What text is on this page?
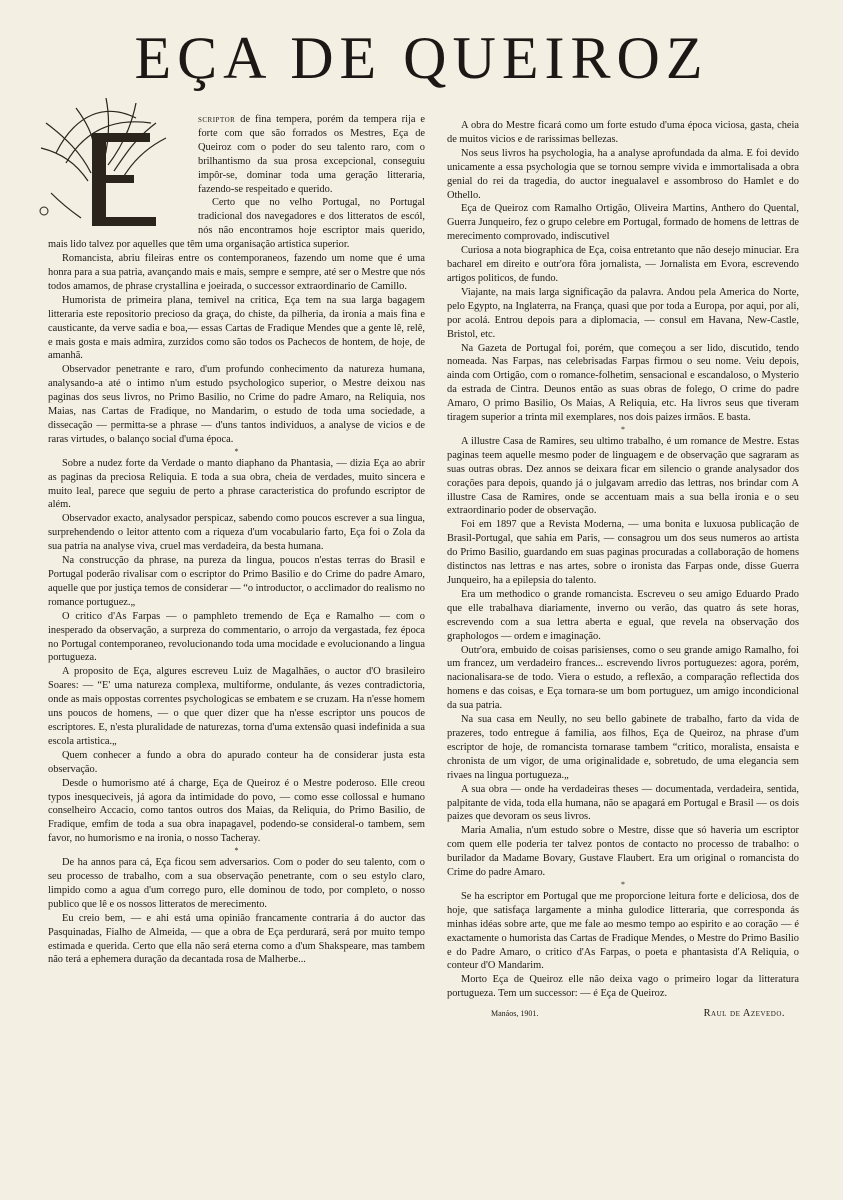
EÇA DE QUEIROZ

scriptor de fina tempera, porém da tempera rija e forte com que são forrados os Mestres, Eça de Queiroz com o poder do seu talento raro, com o brilhantismo da sua prosa excepcional, conseguiu impôr-se, dominar toda uma geração litteraria, fazendo-se respeitado e querido.

Certo que no velho Portugal, no Portugal tradicional dos navegadores e dos litteratos de escól, nós não encontramos hoje escriptor mais querido, mais lido talvez por aquelles que têm uma organisação artistica superior.

Romancista, abriu fileiras entre os contemporaneos, fazendo um nome que é uma honra para a sua patria, avançando mais e mais, sempre e sempre, até ser o Mestre que nós todos amamos, de phrase crystallina e joeirada, o successor extraordinario de Camillo.

Humorista de primeira plana, temivel na critica, Eça tem na sua larga bagagem litteraria este repositorio precioso da graça, do chiste, da pilheria, da ironia a mais fina e causticante, da verve sadia e boa,— essas Cartas de Fradique Mendes que a gente lê, relê, e mais gosta e mais admira, zurzidos como são todos os Pachecos de hontem, de hoje, de amanhã.

Observador penetrante e raro, d'um profundo conhecimento da natureza humana, analysando-a até o intimo n'um estudo psychologico superior, o Mestre deixou nas paginas dos seus livros, no Primo Basilio, no Crime do padre Amaro, na Reliquia, nos Maias, nas Cartas de Fradique, no Mandarim, o estudo de toda uma sociedade, a dissecação — permitta-se a phrase — d'uns tantos individuos, a analyse de vicios e de raras virtudes, o balanço social d'uma época.

*

Sobre a nudez forte da Verdade o manto diaphano da Phantasia, — dizia Eça ao abrir as paginas da preciosa Reliquia. E toda a sua obra, cheia de verdades, muito sincera e muito leal, parece que seguiu de perto a phrase caracteristica do profundo escriptor de além.

Observador exacto, analysador perspicaz, sabendo como poucos escrever a sua lingua, surprehendendo o leitor attento com a riqueza d'um vocabulario farto, Eça foi o Zola da sua patria na analyse viva, cruel mas verdadeira, da besta humana.

Na construcção da phrase, na pureza da lingua, poucos n'estas terras do Brasil e Portugal poderão rivalisar com o escriptor do Primo Basilio e do Crime do padre Amaro, aquelle que por justiça temos de considerar — “o introductor, o acclimador do realismo no romance portuguez.„

O critico d'As Farpas — o pamphleto tremendo de Eça e Ramalho — com o inesperado da observação, a surpreza do commentario, o arrojo da vergastada, fez época no Portugal contemporaneo, revolucionando toda uma mocidade e evolucionando a lingua portugueza.

A proposito de Eça, algures escreveu Luiz de Magalhães, o auctor d'O brasileiro Soares: — “E' uma natureza complexa, multiforme, ondulante, ás vezes contradictoria, onde as mais oppostas correntes psychologicas se embatem e se cruzam. Ha n'esse homem uns poucos de homens, — o que quer dizer que ha n'esse escriptor uns poucos de escriptores. E, n'esta pluralidade de naturezas, torna d'uma extensão quasi indefinida a sua escola artistica.„

Quem conhecer a fundo a obra do apurado conteur ha de considerar justa esta observação.

Desde o humorismo até á charge, Eça de Queiroz é o Mestre poderoso. Elle creou typos inesqueciveis, já agora da intimidade do povo, — como esse collossal e humano conselheiro Accacio, como tantos outros dos Maias, da Reliquia, do Primo Basilio, de Fradique, emfim de toda a sua obra inapagavel, podendo-se consideral-o tambem, sem favor, no humorismo e na ironia, o nosso Tacheray.

*

De ha annos para cá, Eça ficou sem adversarios. Com o poder do seu talento, com o seu processo de trabalho, com a sua observação penetrante, com o seu estylo claro, limpido como a agua d'um corrego puro, elle dominou de todo, por completo, o nosso publico que lê e os nossos litteratos de merecimento.

Eu creio bem, — e ahi está uma opinião francamente contraria á do auctor das Pasquinadas, Fialho de Almeida, — que a obra de Eça perdurará, será por muito tempo estimada e querida. Certo que ella não será eterna como a d'um Shakspeare, mas tambem não terá a ephemera duração da decantada rosa de Malherbe...

A obra do Mestre ficará como um forte estudo d'uma época viciosa, gasta, cheia de muitos vicios e de rarissimas bellezas.

Nos seus livros ha psychologia, ha a analyse aprofundada da alma. E foi devido unicamente a essa psychologia que se tornou sempre vivida e immortalisada a obra genial do rei da tragedia, do auctor inegualavel e assombroso do Hamlet e do Othello.

Eça de Queiroz com Ramalho Ortigão, Oliveira Martins, Anthero do Quental, Guerra Junqueiro, fez o grupo celebre em Portugal, formado de homens de lettras de merecimento comprovado, indiscutivel

Curiosa a nota biographica de Eça, coisa entretanto que não desejo minuciar. Era bacharel em direito e outr'ora fôra jornalista, — Jornalista em Evora, escrevendo artigos politicos, de fundo.

Viajante, na mais larga significação da palavra. Andou pela America do Norte, pelo Egypto, na Inglaterra, na França, quasi que por toda a Europa, por aqui, por ali, por acolá. Entrou depois para a diplomacia, — consul em Havana, New-Castle, Bristol, etc.

Na Gazeta de Portugal foi, porém, que começou a ser lido, discutido, tendo nomeada. Nas Farpas, nas celebrisadas Farpas firmou o seu nome. Veiu depois, ainda com Ortigão, com o romance-folhetim, sensacional e escandaloso, o Mysterio da estrada de Cintra. Deunos então as suas obras de folego, O crime do padre Amaro, O primo Basilio, Os Maias, A Reliquia, etc. Ha livros seus que tiveram tiragem superior a trinta mil exemplares, nos dois paizes irmãos. E basta.

*

A illustre Casa de Ramires, seu ultimo trabalho, é um romance de Mestre. Estas paginas teem aquelle mesmo poder de linguagem e de observação que sagraram as suas outras obras. Dez annos se deixara ficar em silencio o grande analysador dos corações para depois, quando já o julgavam arredio das lettras, nos brindar com A illustre Casa de Ramires, onde se accentuam mais a sua bella ironia e o seu extraordinario poder de observação.

Foi em 1897 que a Revista Moderna, — uma bonita e luxuosa publicação de Brasil-Portugal, que sahia em Paris, — consagrou um dos seus numeros ao artista do Primo Basilio, guardando em suas paginas procuradas a collaboração de homens distinctos nas lettras e nas artes, sobre o ironista das Farpas onde, disse Guerra Junqueiro, ha a epilepsia do talento.

Era um methodico o grande romancista. Escreveu o seu amigo Eduardo Prado que elle trabalhava diariamente, inverno ou verão, das quatro ás sete horas, escrevendo com a sua lettra aberta e egual, que revela na observação dos graphologos — ordem e imaginação.

Outr'ora, embuido de coisas parisienses, como o seu grande amigo Ramalho, foi um francez, um verdadeiro frances... escrevendo livros portuguezes: agora, porém, nacionalisara-se de todo. Viera o estudo, a reflexão, a comparação reflectida dos homens e das coisas, e Eça tornara-se um bom portuguez, um amigo incondicional da sua patria.

Na sua casa em Neully, no seu bello gabinete de trabalho, farto da vida de prazeres, todo entregue á familia, aos filhos, Eça de Queiroz, na phrase d'um escriptor de hoje, de romancista tornarase tambem “critico, moralista, ensaista e chronista de um vigor, de uma originalidade e, sobretudo, de uma elegancia sem rivaes na lingua portugueza.„

A sua obra — onde ha verdadeiras theses — documentada, verdadeira, sentida, palpitante de vida, toda ella humana, não se apagará em Portugal e Brasil — os dois paizes que devoram os seus livros.

Maria Amalia, n'um estudo sobre o Mestre, disse que só haveria um escriptor com quem elle poderia ter talvez pontos de contacto no processo de trabalho: o burilador da Madame Bovary, Gustave Flaubert. Era um original o romancista do Crime do padre Amaro.

*

Se ha escriptor em Portugal que me proporcione leitura forte e deliciosa, dos de hoje, que satisfaça largamente a minha gulodice litteraria, que corresponda ás minhas idéas sobre arte, que me fale ao mesmo tempo ao espirito e ao coração — é exactamente o humorista das Cartas de Fradique Mendes, o Mestre do Primo Basilio e do Padre Amaro, o critico d'As Farpas, o poeta e phantasista d'A Reliquia, o conteur d'O Mandarim.

Morto Eça de Queiroz elle não deixa vago o primeiro logar da litteratura portugueza. Tem um successor: — é Eça de Queiroz.

Manáos, 1901.	Raul de Azevedo.
